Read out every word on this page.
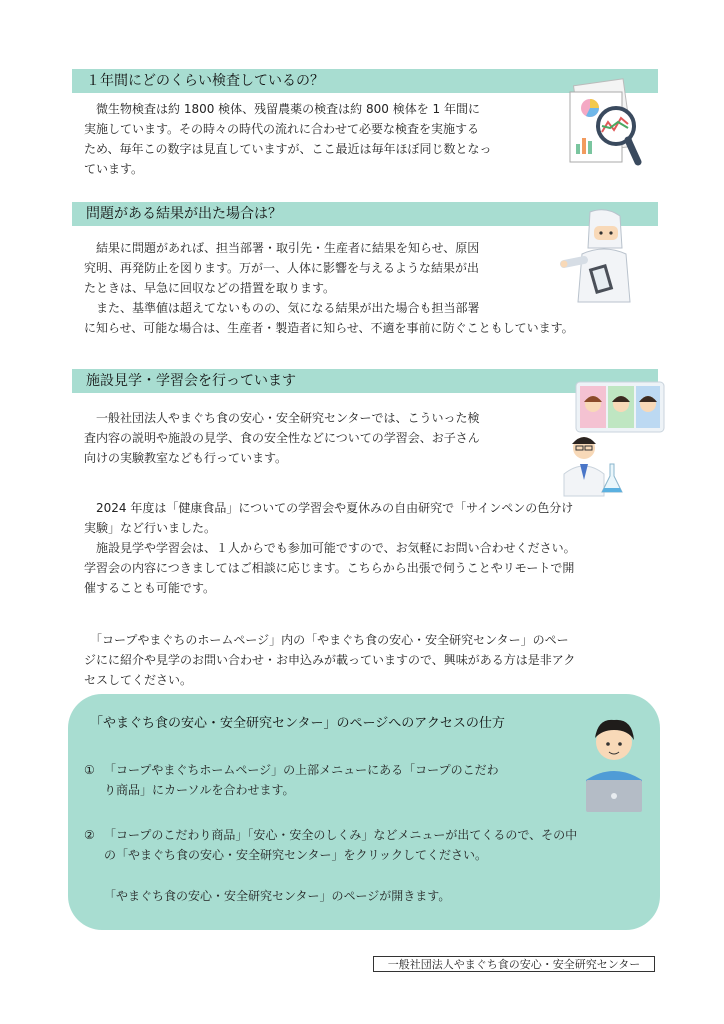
１年間にどのくらい検査しているの？
　微生物検査は約 1800 検体、残留農薬の検査は約 800 検体を 1 年間に
実施しています。その時々の時代の流れに合わせて必要な検査を実施する
ため、毎年この数字は見直していますが、ここ最近は毎年ほぼ同じ数となっ
ています。
問題がある結果が出た場合は？
　結果に問題があれば、担当部署・取引先・生産者に結果を知らせ、原因
究明、再発防止を図ります。万が一、人体に影響を与えるような結果が出
たときは、早急に回収などの措置を取ります。
　また、基準値は超えてないものの、気になる結果が出た場合も担当部署
に知らせ、可能な場合は、生産者・製造者に知らせ、不適を事前に防ぐこともしています。
施設見学・学習会を行っています
　一般社団法人やまぐち食の安心・安全研究センターでは、こういった検
査内容の説明や施設の見学、食の安全性などについての学習会、お子さん
向けの実験教室なども行っています。
　2024 年度は「健康食品」についての学習会や夏休みの自由研究で「サインペンの色分け
実験」など行いました。
　施設見学や学習会は、１人からでも参加可能ですので、お気軽にお問い合わせください。
学習会の内容につきましてはご相談に応じます。こちらから出張で伺うことやリモートで開
催することも可能です。
　「コープやまぐちのホームページ」内の「やまぐち食の安心・安全研究センター」のペー
ジにに紹介や見学のお問い合わせ・お申込みが載っていますので、興味がある方は是非アク
セスしてください。
「やまぐち食の安心・安全研究センター」のページへのアクセスの仕方
① 「コープやまぐちホームページ」の上部メニューにある「コープのこだわ
り商品」にカーソルを合わせます。
② 「コープのこだわり商品」「安心・安全のしくみ」などメニューが出てくるので、その中
の「やまぐち食の安心・安全研究センター」をクリックしてください。
「やまぐち食の安心・安全研究センター」のページが開きます。
一般社団法人やまぐち食の安心・安全研究センター
